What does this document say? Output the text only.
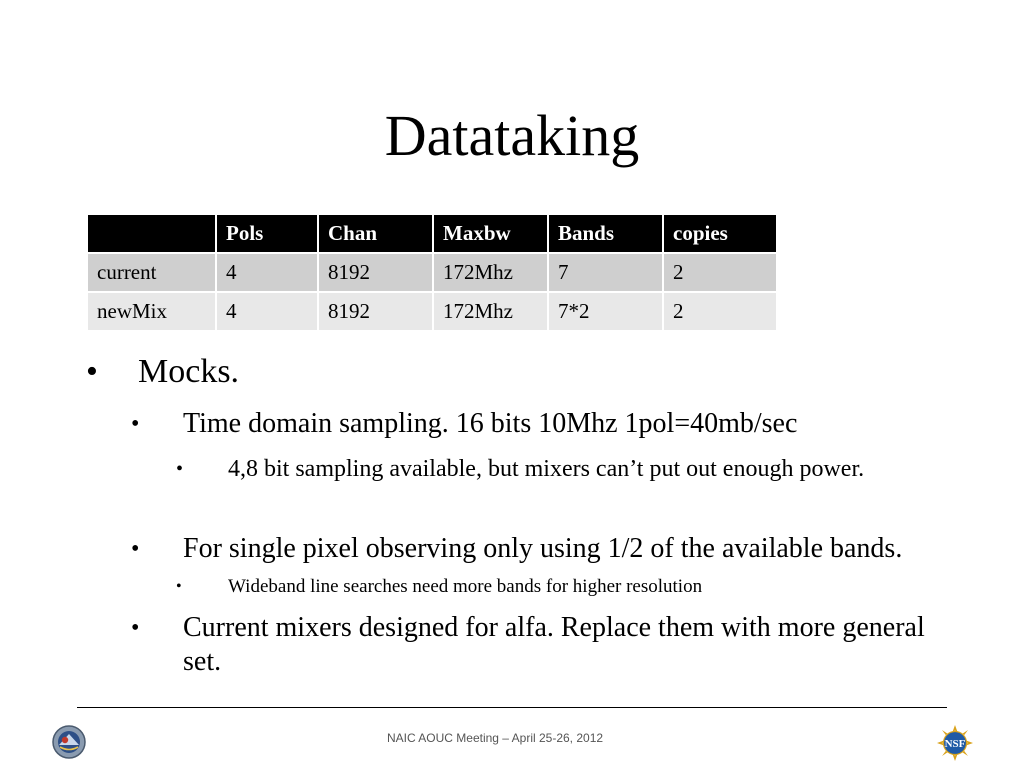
Datataking
	Pols	Chan	Maxbw	Bands	copies
current	4	8192	172Mhz	7	2
newMix	4	8192	172Mhz	7*2	2
• Mocks.
• Time domain sampling. 16 bits 10Mhz 1pol=40mb/sec
• 4,8 bit sampling available, but mixers can’t put out enough power.
• For single pixel observing only using 1/2 of the available bands.
• Wideband line searches need more bands for higher resolution
• Current mixers designed for alfa. Replace them with more general set.
NAIC AOUC Meeting – April 25-26, 2012	NSF
